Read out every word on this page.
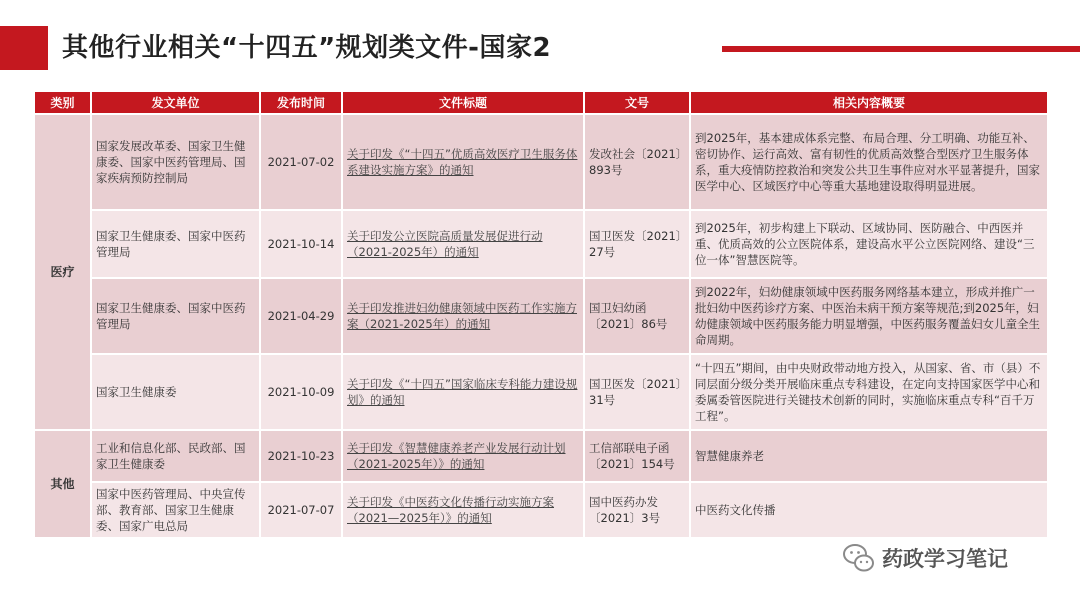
其他行业相关“十四五”规划类文件-国家2
类别	发文单位	发布时间	文件标题	文号	相关内容概要
医疗	国家发展改革委、国家卫生健康委、国家中医药管理局、国家疾病预防控制局	2021-07-02	关于印发《“十四五”优质高效医疗卫生服务体系建设实施方案》的通知	发改社会〔2021〕893号	到2025年，基本建成体系完整、布局合理、分工明确、功能互补、密切协作、运行高效、富有韧性的优质高效整合型医疗卫生服务体系，重大疫情防控救治和突发公共卫生事件应对水平显著提升，国家医学中心、区域医疗中心等重大基地建设取得明显进展。
	国家卫生健康委、国家中医药管理局	2021-10-14	关于印发公立医院高质量发展促进行动（2021-2025年）的通知	国卫医发〔2021〕27号	到2025年，初步构建上下联动、区域协同、医防融合、中西医并重、优质高效的公立医院体系，建设高水平公立医院网络、建设“三位一体”智慧医院等。
	国家卫生健康委、国家中医药管理局	2021-04-29	关于印发推进妇幼健康领域中医药工作实施方案（2021-2025年）的通知	国卫妇幼函〔2021〕86号	到2022年，妇幼健康领域中医药服务网络基本建立，形成并推广一批妇幼中医药诊疗方案、中医治未病干预方案等规范;到2025年，妇幼健康领域中医药服务能力明显增强，中医药服务覆盖妇女儿童全生命周期。
	国家卫生健康委	2021-10-09	关于印发《“十四五”国家临床专科能力建设规划》的通知	国卫医发〔2021〕31号	“十四五”期间，由中央财政带动地方投入，从国家、省、市（县）不同层面分级分类开展临床重点专科建设，在定向支持国家医学中心和委属委管医院进行关键技术创新的同时，实施临床重点专科“百千万工程”。
其他	工业和信息化部、民政部、国家卫生健康委	2021-10-23	关于印发《智慧健康养老产业发展行动计划（2021-2025年）》的通知	工信部联电子函〔2021〕154号	智慧健康养老
	国家中医药管理局、中央宣传部、教育部、国家卫生健康委、国家广电总局	2021-07-07	关于印发《中医药文化传播行动实施方案（2021—2025年）》的通知	国中医药办发〔2021〕3号	中医药文化传播
药政学习笔记
